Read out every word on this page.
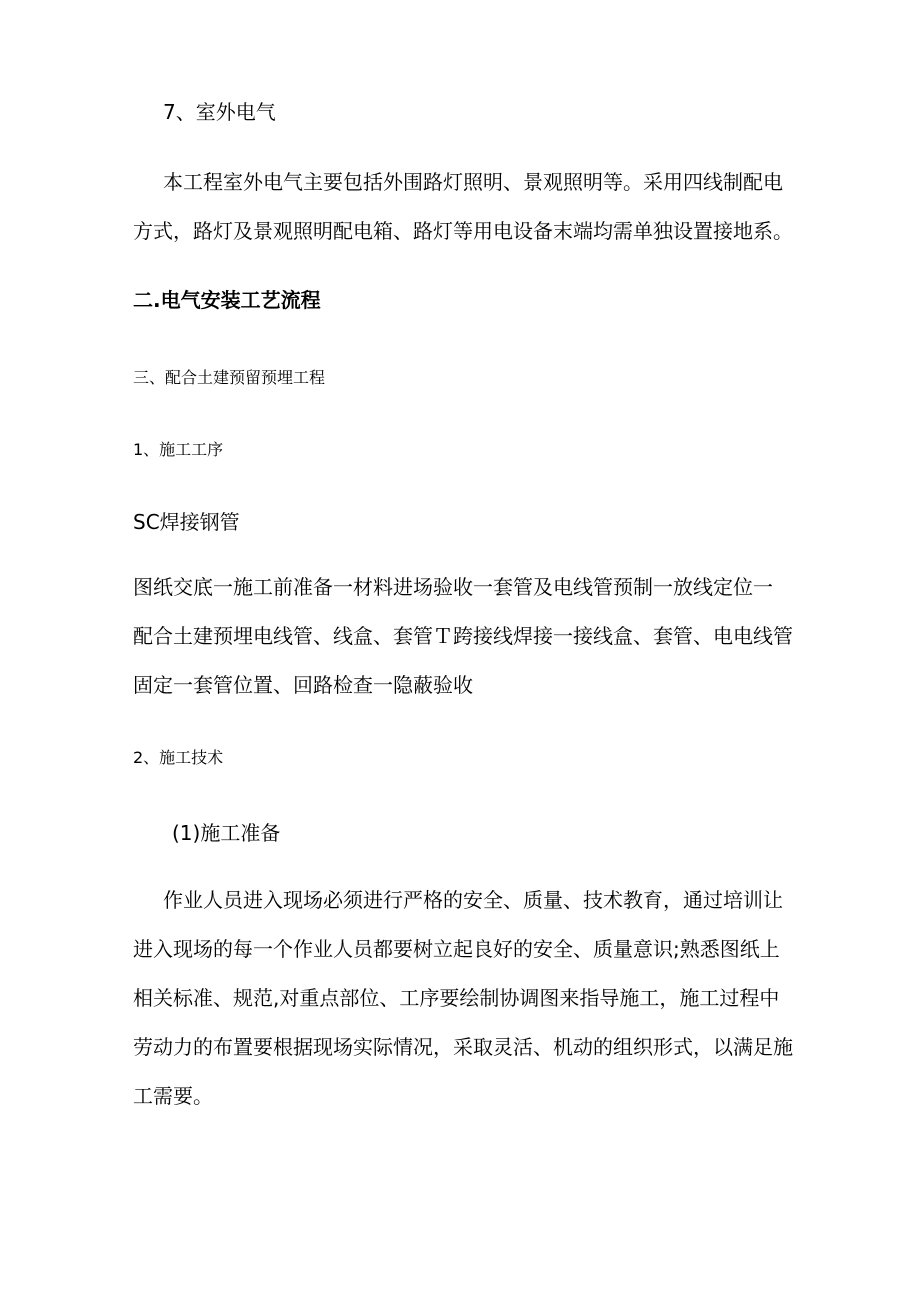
7、室外电气
本工程室外电气主要包括外围路灯照明、景观照明等。采用四线制配电
方式，路灯及景观照明配电箱、路灯等用电设备末端均需单独设置接地系。
二.电气安装工艺流程
三、配合土建预留预埋工程
1、施工工序
SC焊接钢管
图纸交底一施工前准备一材料进场验收一套管及电线管预制一放线定位一
配合土建预埋电线管、线盒、套管Ｔ跨接线焊接一接线盒、套管、电电线管
固定一套管位置、回路检查一隐蔽验收
2、施工技术
(1)施工准备
作业人员进入现场必须进行严格的安全、质量、技术教育，通过培训让
进入现场的每一个作业人员都要树立起良好的安全、质量意识;熟悉图纸上
相关标准、规范,对重点部位、工序要绘制协调图来指导施工，施工过程中
劳动力的布置要根据现场实际情况，采取灵活、机动的组织形式，以满足施
工需要。
